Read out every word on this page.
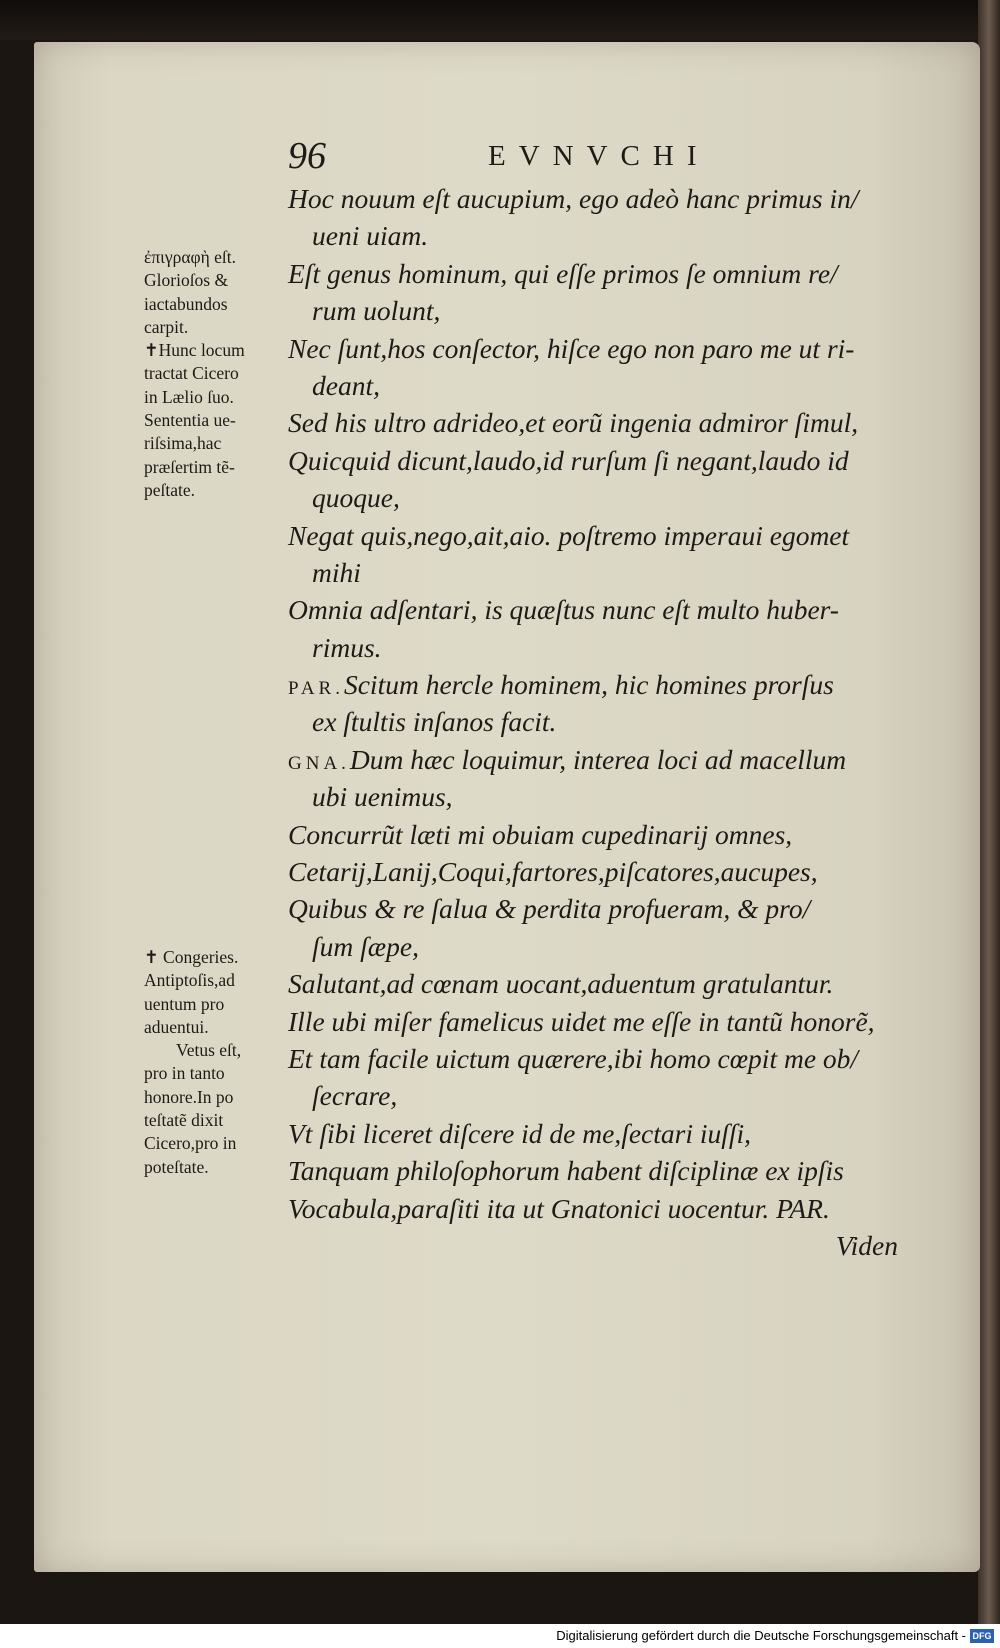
96	EVNVCHI
ἐπιγραφὴ eſt.
Glorioſos &
iactabundos
carpit.
✝Hunc locum
tractat Cicero
in Lælio ſuo.
Sententia ue-
riſsima,hac
præſertim tẽ-
peſtate.
✝ Congeries.
Antiptoſis,ad
uentum pro
aduentui.
Vetus eſt,
pro in tanto
honore.In po
teſtatẽ dixit
Cicero,pro in
poteſtate.
Hoc nouum eſt aucupium, ego adeò hanc primus in/
ueni uiam.
Eſt genus hominum, qui eſſe primos ſe omnium re/
rum uolunt,
Nec ſunt,hos conſector, hiſce ego non paro me ut ri-
deant,
Sed his ultro adrideo,et eorũ ingenia admiror ſimul,
Quicquid dicunt,laudo,id rurſum ſi negant,laudo id
quoque,
Negat quis,nego,ait,aio. poſtremo imperaui egomet
mihi
Omnia adſentari, is quæſtus nunc eſt multo huber-
rimus.
PAR.Scitum hercle hominem, hic homines prorſus
ex ſtultis inſanos facit.
GNA.Dum hæc loquimur, interea loci ad macellum
ubi uenimus,
Concurrũt læti mi obuiam cupedinarij omnes,
Cetarij,Lanij,Coqui,fartores,piſcatores,aucupes,
Quibus & re ſalua & perdita profueram, & pro/
ſum ſæpe,
Salutant,ad cœnam uocant,aduentum gratulantur.
Ille ubi miſer famelicus uidet me eſſe in tantũ honorẽ,
Et tam facile uictum quærere,ibi homo cœpit me ob/
ſecrare,
Vt ſibi liceret diſcere id de me,ſectari iuſſi,
Tanquam philoſophorum habent diſciplinæ ex ipſis
Vocabula,paraſiti ita ut Gnatonici uocentur. PAR.
Viden
Digitalisierung gefördert durch die Deutsche Forschungsgemeinschaft - DFG
